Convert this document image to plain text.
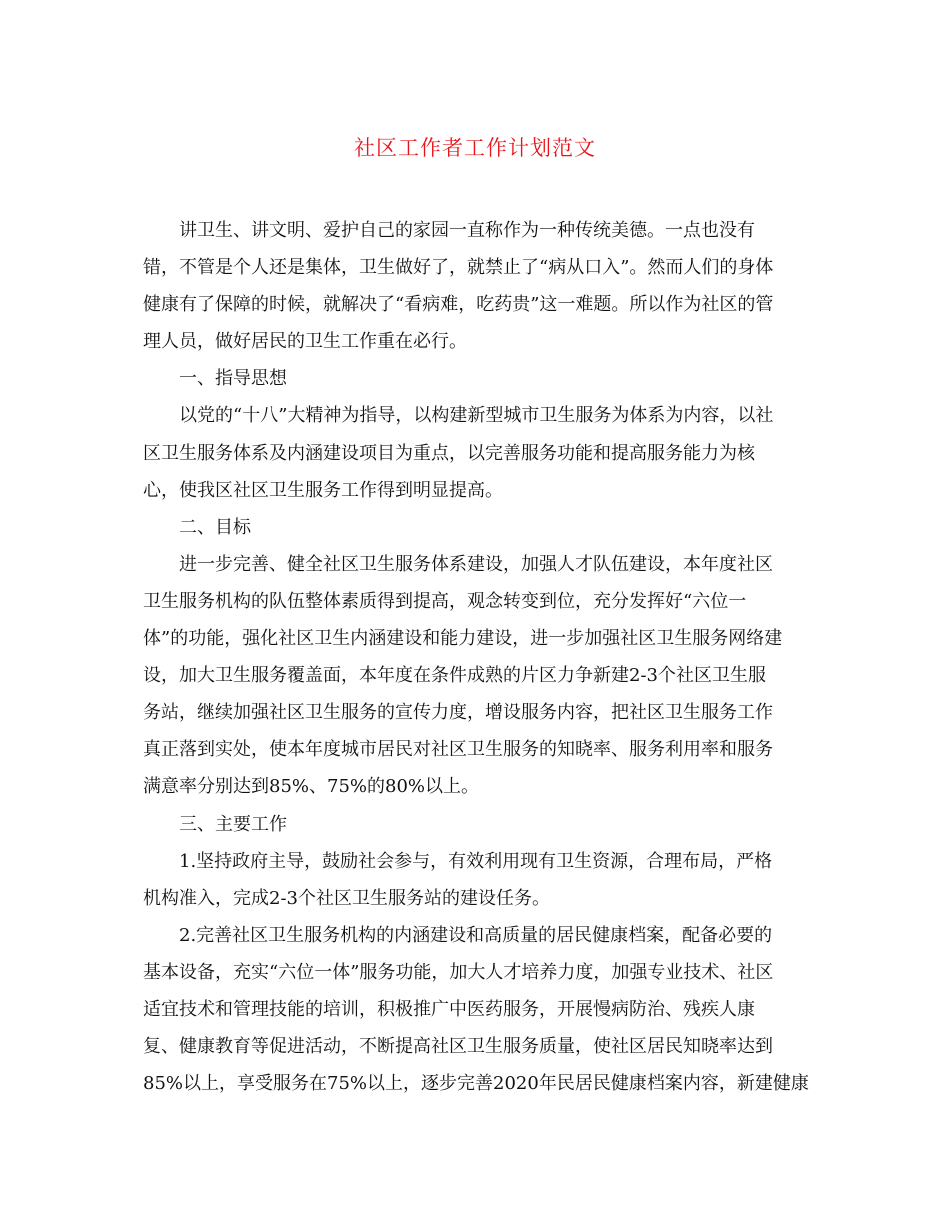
社区工作者工作计划范文
讲卫生、讲文明、爱护自己的家园一直称作为一种传统美德。一点也没有
错，不管是个人还是集体，卫生做好了，就禁止了“病从口入”。然而人们的身体
健康有了保障的时候，就解决了“看病难，吃药贵”这一难题。所以作为社区的管
理人员，做好居民的卫生工作重在必行。
一、指导思想
以党的“十八”大精神为指导，以构建新型城市卫生服务为体系为内容，以社
区卫生服务体系及内涵建设项目为重点，以完善服务功能和提高服务能力为核
心，使我区社区卫生服务工作得到明显提高。
二、目标
进一步完善、健全社区卫生服务体系建设，加强人才队伍建设，本年度社区
卫生服务机构的队伍整体素质得到提高，观念转变到位，充分发挥好“六位一
体”的功能，强化社区卫生内涵建设和能力建设，进一步加强社区卫生服务网络建
设，加大卫生服务覆盖面，本年度在条件成熟的片区力争新建2-3个社区卫生服
务站，继续加强社区卫生服务的宣传力度，增设服务内容，把社区卫生服务工作
真正落到实处，使本年度城市居民对社区卫生服务的知晓率、服务利用率和服务
满意率分别达到85%、75%的80%以上。
三、主要工作
1.坚持政府主导，鼓励社会参与，有效利用现有卫生资源，合理布局，严格
机构准入，完成2-3个社区卫生服务站的建设任务。
2.完善社区卫生服务机构的内涵建设和高质量的居民健康档案，配备必要的
基本设备，充实“六位一体”服务功能，加大人才培养力度，加强专业技术、社区
适宜技术和管理技能的培训，积极推广中医药服务，开展慢病防治、残疾人康
复、健康教育等促进活动，不断提高社区卫生服务质量，使社区居民知晓率达到
85%以上，享受服务在75%以上，逐步完善2020年民居民健康档案内容，新建健康
